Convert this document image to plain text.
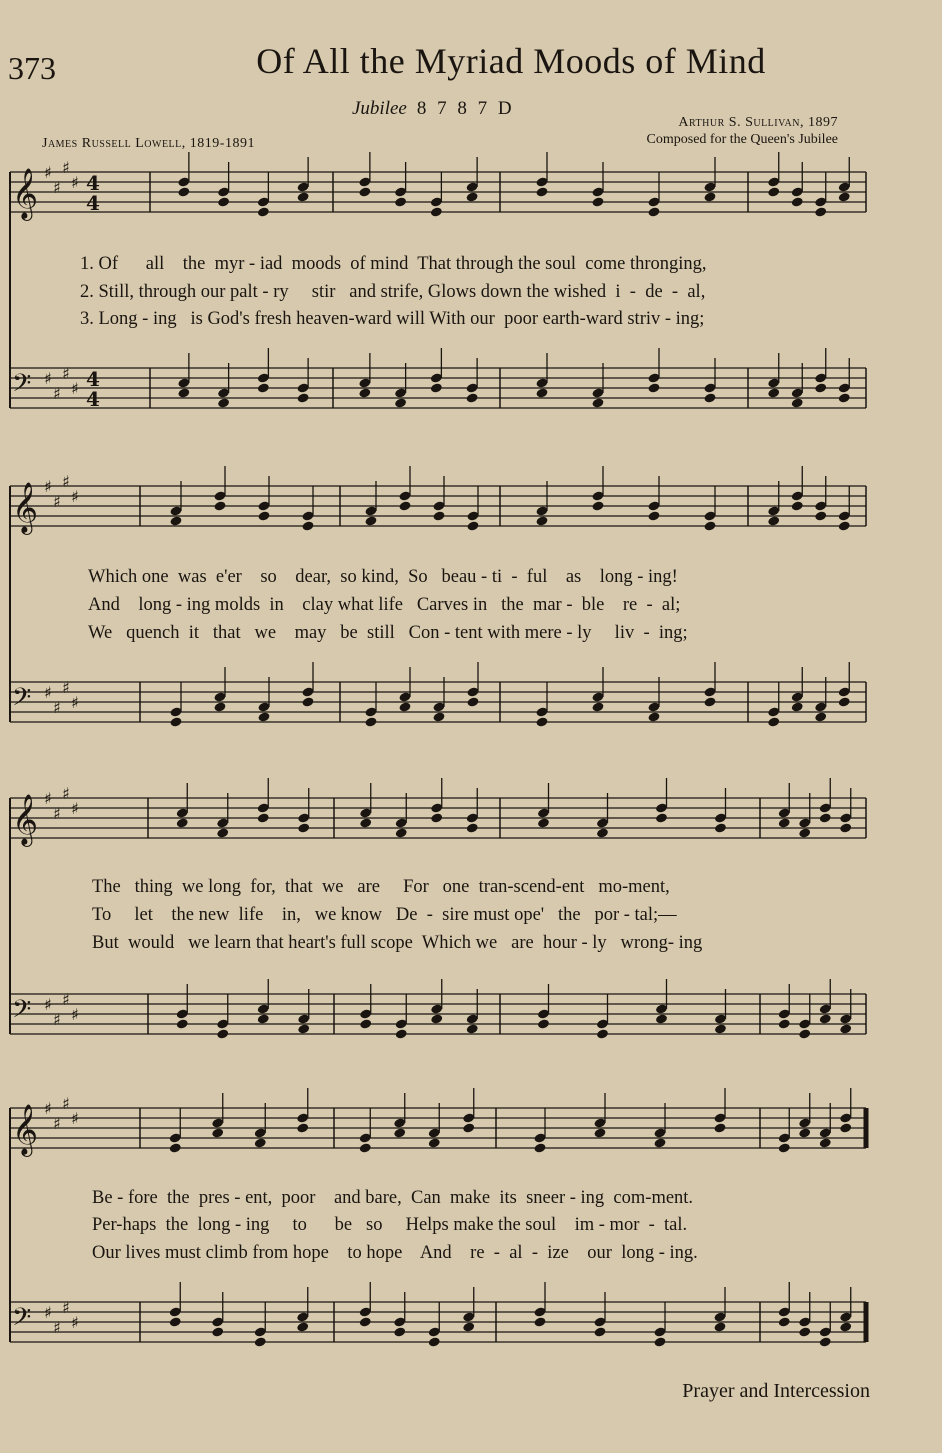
373	Of All the Myriad Moods of Mind
Jubilee 8 7 8 7 D
James Russell Lowell, 1819-1891
Arthur S. Sullivan, 1897
Composed for the Queen's Jubilee
𝄞 ♯
♯
♯
♯ 4
4
𝄢 ♯
♯
♯
♯ 4
4
𝄞 ♯
♯
♯
♯
𝄢 ♯
♯
♯
♯
𝄞 ♯
♯
♯
♯
𝄢 ♯
♯
♯
♯
𝄞 ♯
♯
♯
♯
𝄢 ♯
♯
♯
♯
1. Of      all    the  myr - iad  moods  of mind  That through the soul  come thronging,
2. Still, through our palt - ry     stir   and strife, Glows down the wished  i  -  de  -  al,
3. Long - ing   is God's fresh heaven-ward will With our  poor earth-ward striv - ing;
Which one  was  e'er    so    dear,  so kind,  So   beau - ti  -  ful    as    long - ing!
And    long - ing molds  in    clay what life   Carves in   the  mar -  ble    re  -  al;
We   quench  it   that   we    may   be  still   Con - tent with mere - ly     liv  -  ing;
The   thing  we long  for,  that  we   are     For   one  tran-scend-ent   mo-ment,
To     let    the new  life    in,   we know   De  -  sire must ope'   the   por - tal;—
But  would   we learn that heart's full scope  Which we   are  hour - ly   wrong- ing
Be - fore  the  pres - ent,  poor    and bare,  Can  make  its  sneer - ing  com-ment.
Per-haps  the  long - ing     to      be   so     Helps make the soul    im - mor  -  tal.
Our lives must climb from hope    to hope    And    re  -  al  -  ize    our  long - ing.
Prayer and Intercession
